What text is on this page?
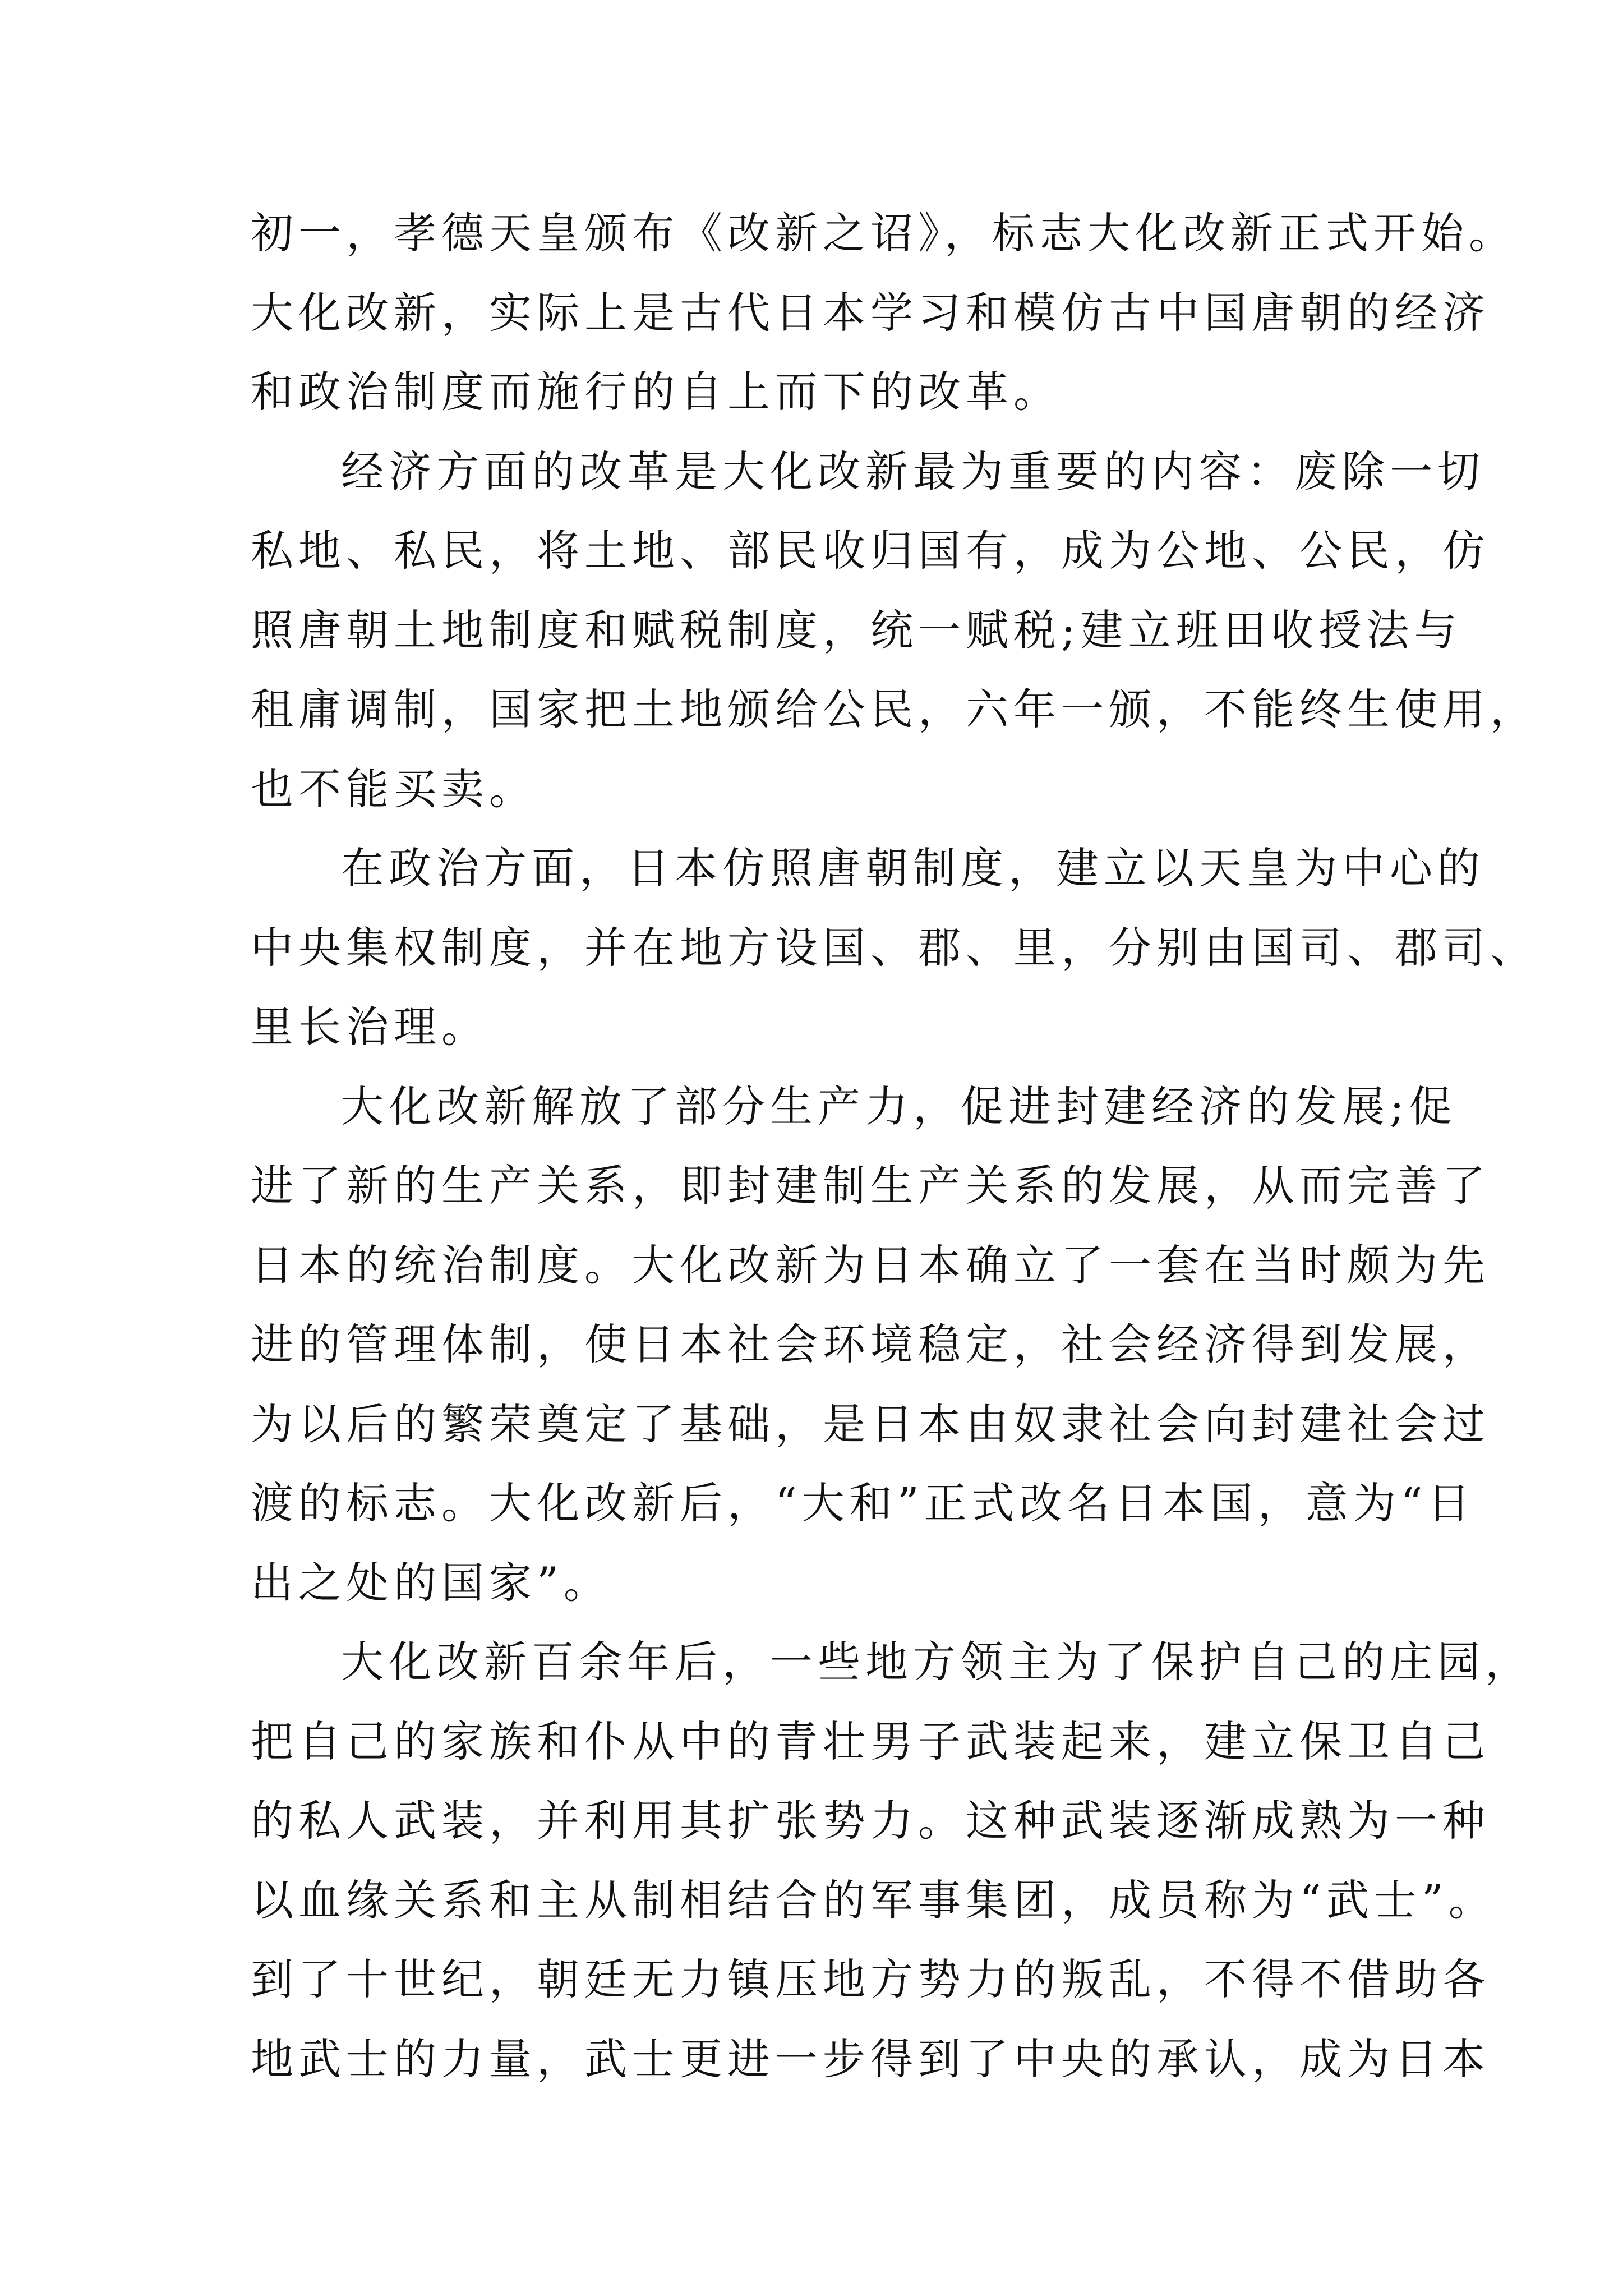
初一，孝德天皇颁布《改新之诏》，标志大化改新正式开始。
大化改新，实际上是古代日本学习和模仿古中国唐朝的经济
和政治制度而施行的自上而下的改革。
经济方面的改革是大化改新最为重要的内容：废除一切
私地、私民，将土地、部民收归国有，成为公地、公民，仿
照唐朝土地制度和赋税制度，统一赋税;建立班田收授法与
租庸调制，国家把土地颁给公民，六年一颁，不能终生使用，
也不能买卖。
在政治方面，日本仿照唐朝制度，建立以天皇为中心的
中央集权制度，并在地方设国、郡、里，分别由国司、郡司、
里长治理。
大化改新解放了部分生产力，促进封建经济的发展;促
进了新的生产关系，即封建制生产关系的发展，从而完善了
日本的统治制度。大化改新为日本确立了一套在当时颇为先
进的管理体制，使日本社会环境稳定，社会经济得到发展，
为以后的繁荣奠定了基础，是日本由奴隶社会向封建社会过
渡的标志。大化改新后，“大和”正式改名日本国，意为“日
出之处的国家”。
大化改新百余年后，一些地方领主为了保护自己的庄园，
把自己的家族和仆从中的青壮男子武装起来，建立保卫自己
的私人武装，并利用其扩张势力。这种武装逐渐成熟为一种
以血缘关系和主从制相结合的军事集团，成员称为“武士”。
到了十世纪，朝廷无力镇压地方势力的叛乱，不得不借助各
地武士的力量，武士更进一步得到了中央的承认，成为日本
